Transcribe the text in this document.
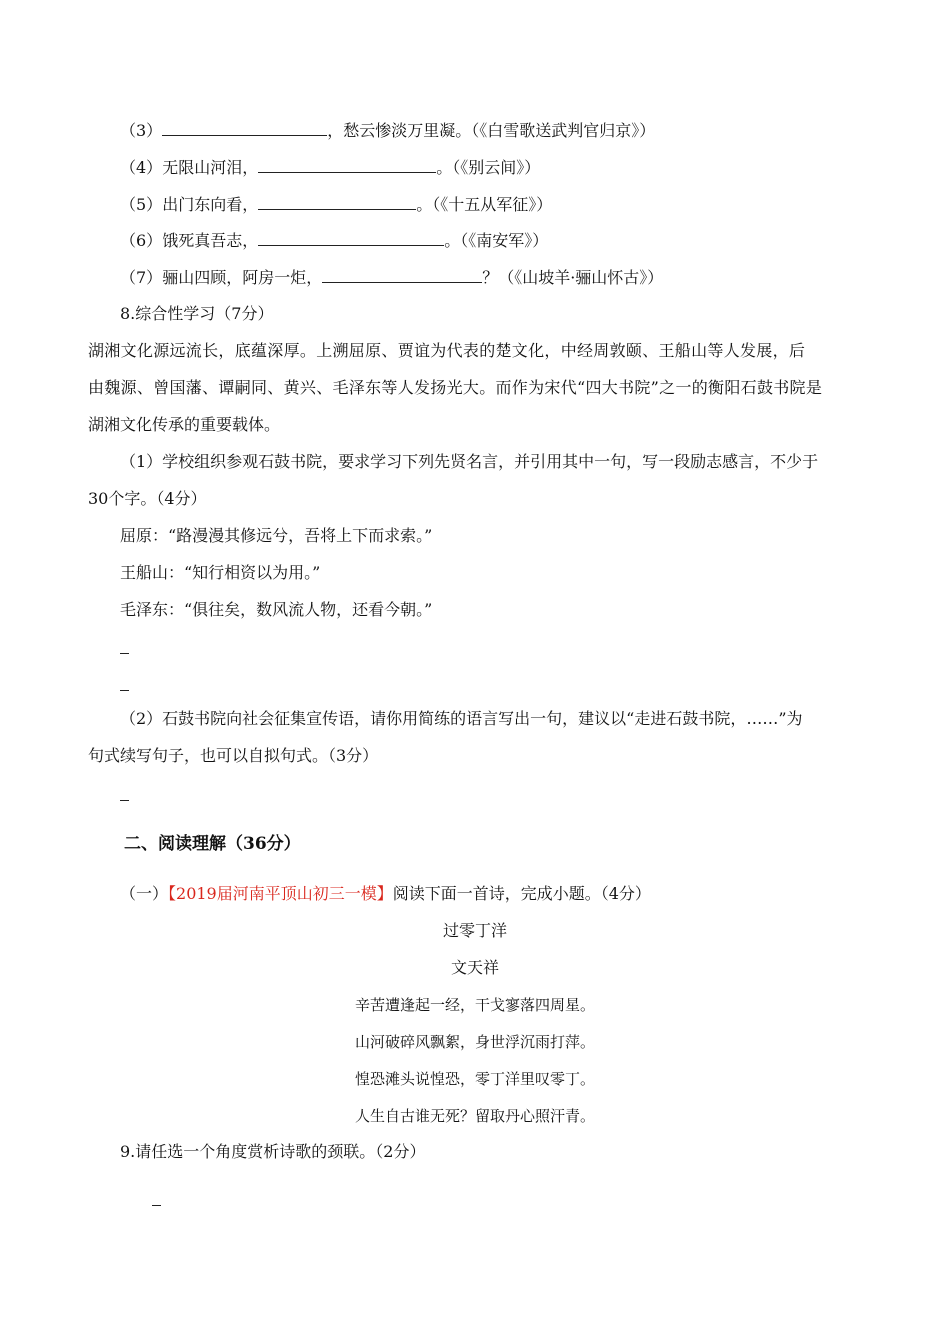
（3）	，愁云惨淡万里凝。（《白雪歌送武判官归京》）
（4）无限山河泪，	。（《别云间》）
（5）出门东向看，	。（《十五从军征》）
（6）饿死真吾志，	。（《南安军》）
（7）骊山四顾，阿房一炬，	？（《山坡羊·骊山怀古》）
8.综合性学习（7分）
湖湘文化源远流长，底蕴深厚。上溯屈原、贾谊为代表的楚文化，中经周敦颐、王船山等人发展，后
由魏源、曾国藩、谭嗣同、黄兴、毛泽东等人发扬光大。而作为宋代“四大书院”之一的衡阳石鼓书院是
湖湘文化传承的重要载体。
（1）学校组织参观石鼓书院，要求学习下列先贤名言，并引用其中一句，写一段励志感言，不少于
30个字。（4分）
屈原：“路漫漫其修远兮，吾将上下而求索。”
王船山：“知行相资以为用。”
毛泽东：“俱往矣，数风流人物，还看今朝。”
（2）石鼓书院向社会征集宣传语，请你用简练的语言写出一句，建议以“走进石鼓书院，……”为
句式续写句子，也可以自拟句式。（3分）
二、阅读理解（36分）
（一）【2019届河南平顶山初三一模】阅读下面一首诗，完成小题。（4分）
过零丁洋
文天祥
辛苦遭逢起一经，干戈寥落四周星。
山河破碎风飘絮，身世浮沉雨打萍。
惶恐滩头说惶恐，零丁洋里叹零丁。
人生自古谁无死？留取丹心照汗青。
9.请任选一个角度赏析诗歌的颈联。（2分）
